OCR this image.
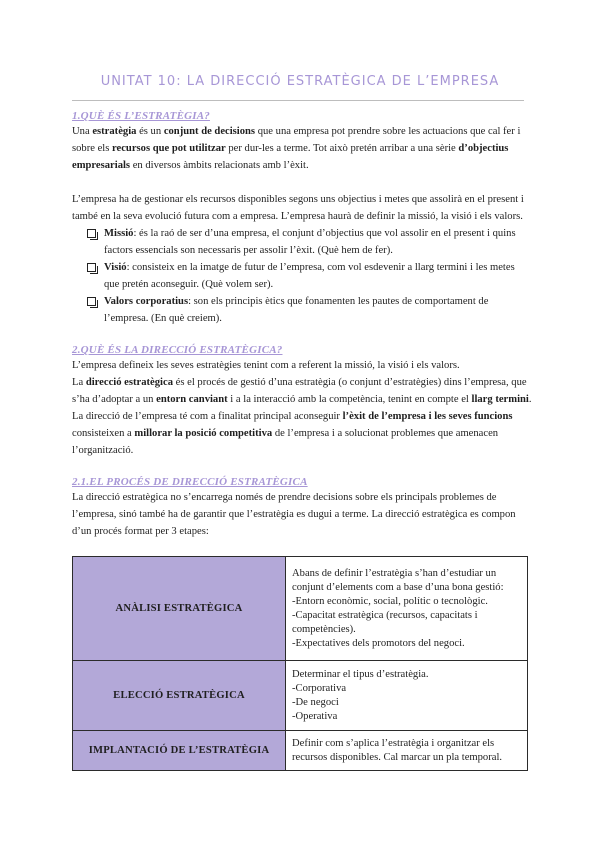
UNITAT 10: LA DIRECCIÓ ESTRATÈGICA DE L’EMPRESA
1.QUÈ ÉS L’ESTRATÈGIA?

Una estratègia és un conjunt de decisions que una empresa pot prendre sobre les actuacions que cal fer i sobre els recursos que pot utilitzar per dur-les a terme. Tot això pretén arribar a una sèrie d’objectius empresarials en diversos àmbits relacionats amb l’èxit.

L’empresa ha de gestionar els recursos disponibles segons uns objectius i metes que assolirà en el present i també en la seva evolució futura com a empresa. L’empresa haurà de definir la missió, la visió i els valors.

Missió: és la raó de ser d’una empresa, el conjunt d’objectius que vol assolir en el present i quins factors essencials son necessaris per assolir l’èxit. (Què hem de fer).
Visió: consisteix en la imatge de futur de l’empresa, com vol esdevenir a llarg termini i les metes que pretén aconseguir. (Què volem ser).
Valors corporatius: son els principis ètics que fonamenten les pautes de comportament de l’empresa. (En què creiem).
2.QUÈ ÉS LA DIRECCIÓ ESTRATÈGICA?

L’empresa defineix les seves estratègies tenint com a referent la missió, la visió i els valors.

La direcció estratègica és el procés de gestió d’una estratègia (o conjunt d’estratègies) dins l’empresa, que s’ha d’adoptar a un entorn canviant i a la interacció amb la competència, tenint en compte el llarg termini.

La direcció de l’empresa té com a finalitat principal aconseguir l’èxit de l’empresa i les seves funcions consisteixen a millorar la posició competitiva de l’empresa i a solucionat problemes que amenacen l’organització.

2.1.EL PROCÉS DE DIRECCIÓ ESTRATÈGICA

La direcció estratègica no s’encarrega només de prendre decisions sobre els principals problemes de l’empresa, sinó també ha de garantir que l’estratègia es dugui a terme. La direcció estratègica es compon d’un procés format per 3 etapes:

ANÀLISI ESTRATÈGICA	Abans de definir l’estratègia s’han d’estudiar un conjunt d’elements com a base d’una bona gestió:
-Entorn econòmic, social, polític o tecnològic.
-Capacitat estratègica (recursos, capacitats i competències).
-Expectatives dels promotors del negoci.

ELECCIÓ ESTRATÈGICA	Determinar el tipus d’estratègia.
-Corporativa
-De negoci
-Operativa

IMPLANTACIÓ DE L’ESTRATÈGIA	Definir com s’aplica l’estratègia i organitzar els recursos disponibles. Cal marcar un pla temporal.
